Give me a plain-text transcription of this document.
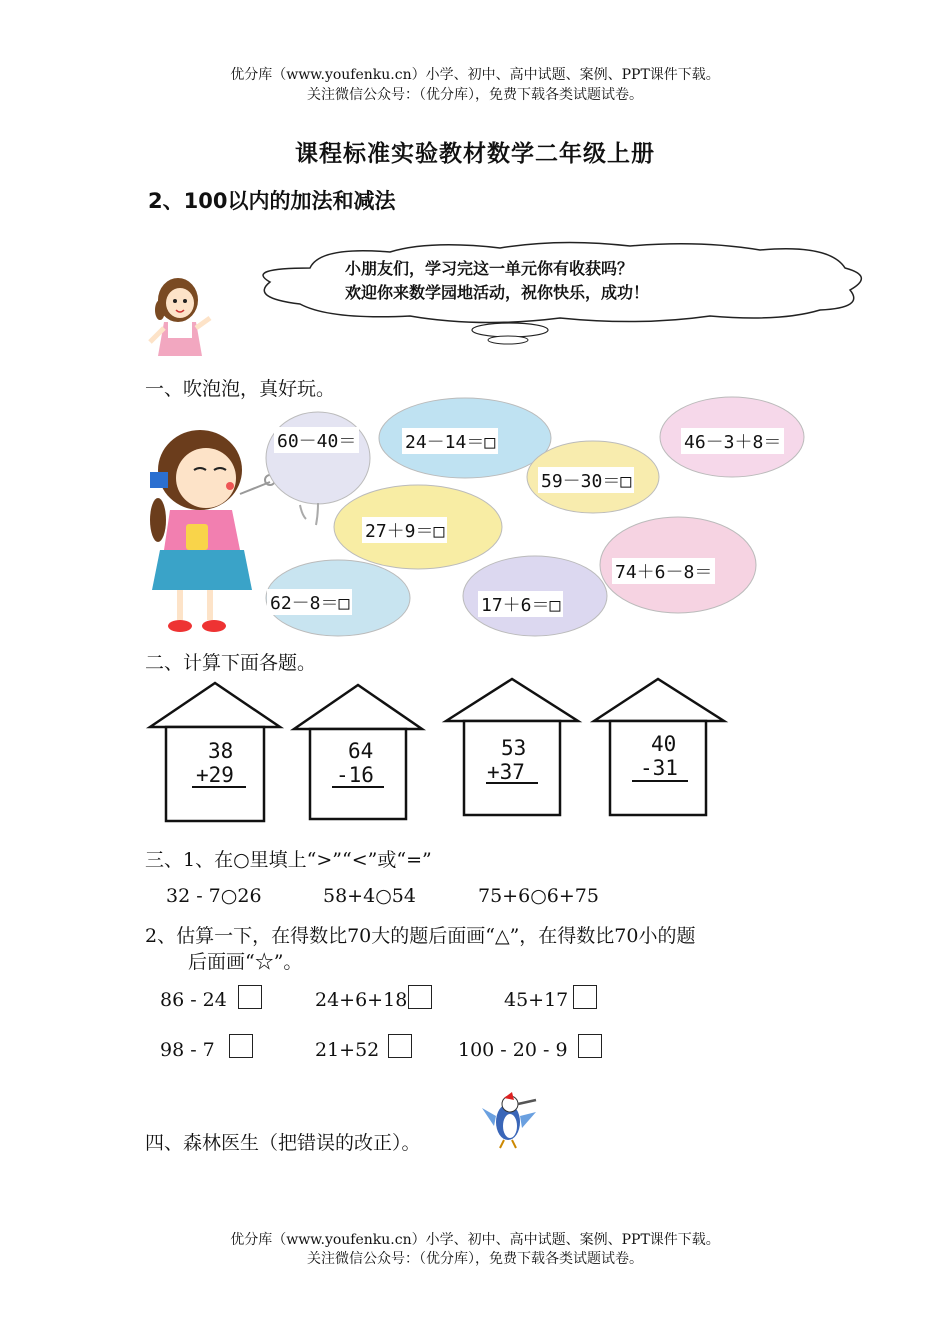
优分库（www.youfenku.cn）小学、初中、高中试题、案例、PPT课件下载。
关注微信公众号：（优分库），免费下载各类试题试卷。
课程标准实验教材数学二年级上册
2、100以内的加法和减法
小朋友们，学习完这一单元你有收获吗？
欢迎你来数学园地活动，祝你快乐，成功！
一、吹泡泡，真好玩。
60－40＝	24－14＝□	46－3＋8＝
59－30＝□
27＋9＝□
74＋6－8＝
62－8＝□	17＋6＝□
二、计算下面各题。
38
+29
64
-16
53
+37
40
-31
三、1、在○里填上“>”“<”或“=”
32 - 7○26	58+4○54	75+6○6+75
2、估算一下，在得数比70大的题后面画“△”，在得数比70小的题
后面画“☆”。
86 - 24	24+6+18	45+17
98 - 7	21+52	100 - 20 - 9
四、森林医生（把错误的改正）。
优分库（www.youfenku.cn）小学、初中、高中试题、案例、PPT课件下载。
关注微信公众号：（优分库），免费下载各类试题试卷。
